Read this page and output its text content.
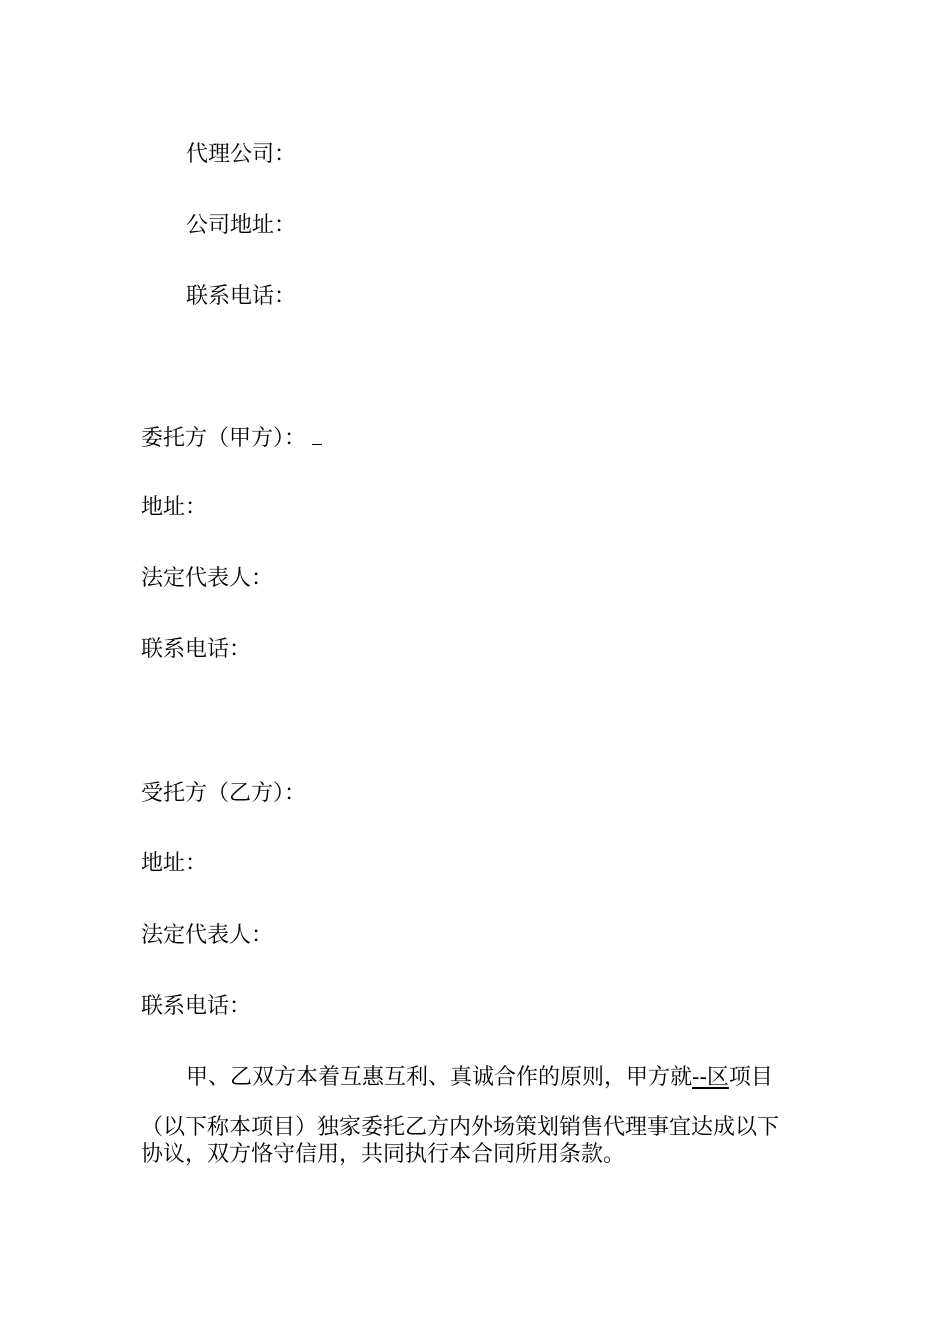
代理公司：
公司地址：
联系电话：
委托方（甲方）：
地址：
法定代表人：
联系电话：
受托方（乙方）：
地址：
法定代表人：
联系电话：
甲、乙双方本着互惠互利、真诚合作的原则，甲方就--区项目
（以下称本项目）独家委托乙方内外场策划销售代理事宜达成以下
协议，双方恪守信用，共同执行本合同所用条款。
